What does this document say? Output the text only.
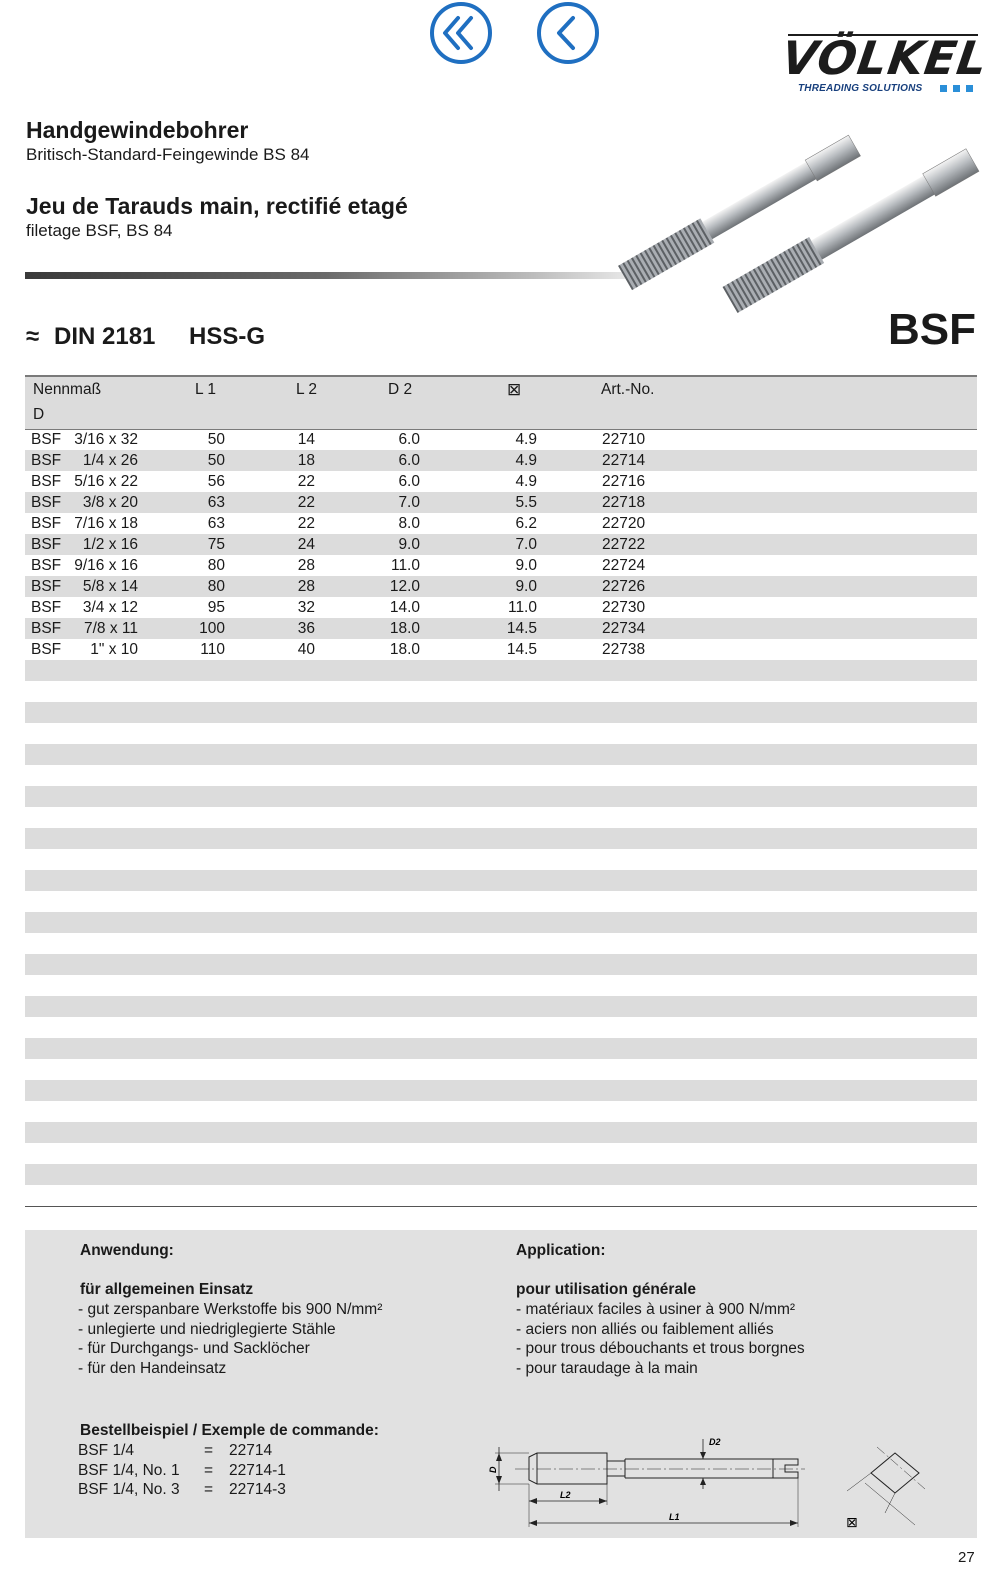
VÖLKEL
THREADING SOLUTIONS
Handgewindebohrer
Britisch-Standard-Feingewinde BS 84
Jeu de Tarauds main, rectifié etagé
filetage BSF, BS 84
≈ DIN 2181 HSS-G	BSF
Nennmaß
D
L 1	L 2	D 2	⊠	Art.-No.
BSF 3/16 x 32	50	14	6.0	4.9	22710
BSF	1/4 x 26	50	18	6.0	4.9	22714
BSF 5/16 x 22	56	22	6.0	4.9	22716
BSF	3/8 x 20	63	22	7.0	5.5	22718
BSF 7/16 x 18	63	22	8.0	6.2	22720
BSF	1/2 x 16	75	24	9.0	7.0	22722
BSF 9/16 x 16	80	28	11.0	9.0	22724
BSF	5/8 x 14	80	28	12.0	9.0	22726
BSF	3/4 x 12	95	32	14.0	11.0	22730
BSF	7/8 x 11	100	36	18.0	14.5	22734
BSF	1" x 10	110	40	18.0	14.5	22738
Anwendung:
für allgemeinen Einsatz
- gut zerspanbare Werkstoffe bis 900 N/mm²
- unlegierte und niedriglegierte Stähle
- für Durchgangs- und Sacklöcher
- für den Handeinsatz
Application:
pour utilisation générale
- matériaux faciles à usiner à 900 N/mm²
- aciers non alliés ou faiblement alliés
- pour trous débouchants et trous borgnes
- pour taraudage à la main
Bestellbeispiel / Exemple de commande:
BSF 1/4	= 22714
BSF 1/4, No. 1 = 22714-1
BSF 1/4, No. 3 = 22714-3
D
D2
L2
L1	⊠
27
